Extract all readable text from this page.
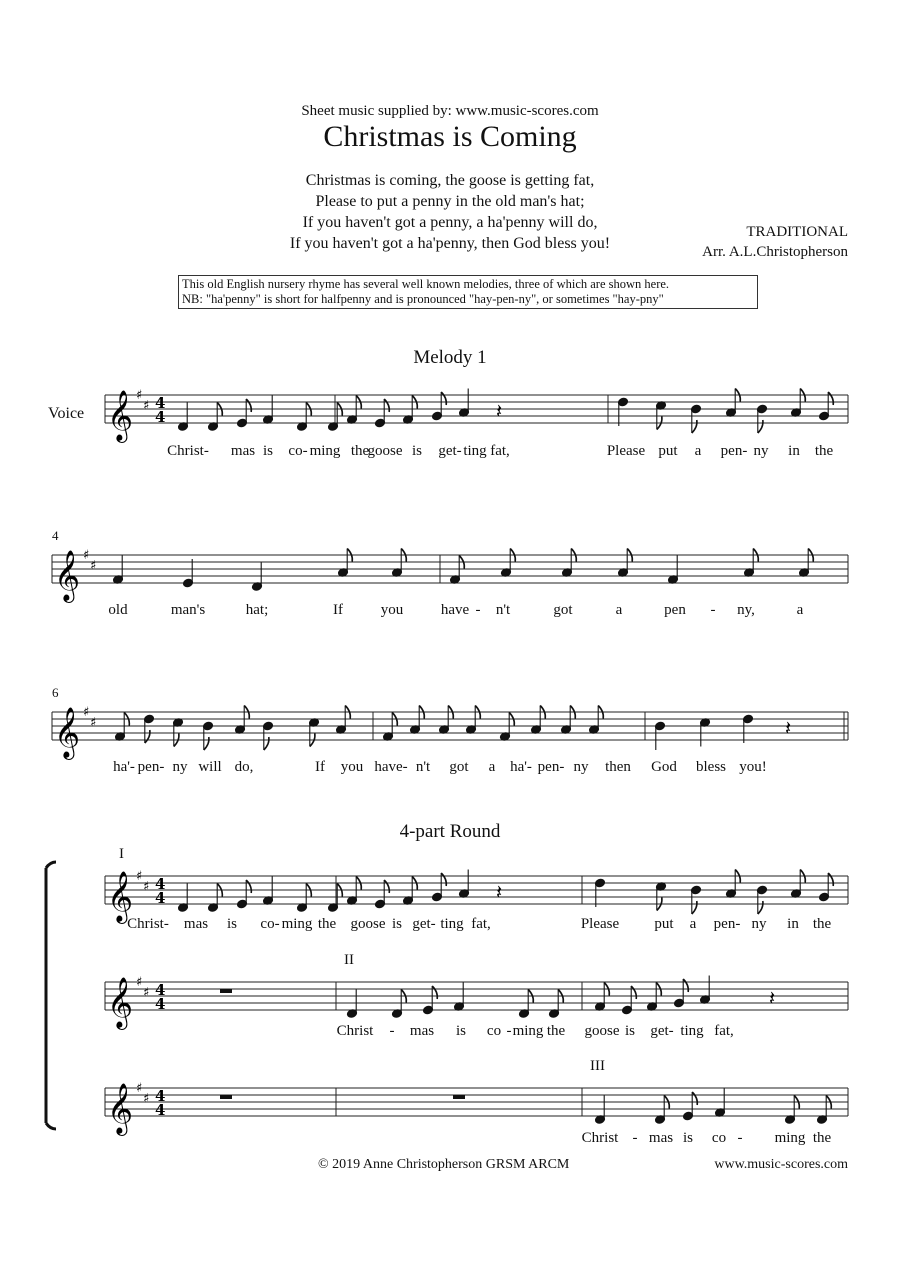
Sheet music supplied by: www.music-scores.com
Christmas is Coming
Christmas is coming, the goose is getting fat,
Please to put a penny in the old man's hat;
If you haven't got a penny, a ha'penny will do,
If you haven't got a ha'penny, then God bless you!
TRADITIONAL
Arr. A.L.Christopherson
This old English nursery rhyme has several well known melodies, three of which are shown here.
NB: "ha'penny" is short for halfpenny and is pronounced "hay-pen-ny", or sometimes "hay-pny"
Melody 1
Voice
4
6
4-part Round
I
II
III
𝄞 ♯
♯ 4
4	𝄽
𝄞 ♯
♯
𝄞 ♯
♯	𝄽
𝄞 ♯
♯ 4
4
𝄞 ♯
♯ 4
4
𝄞 ♯
♯ 4
4
𝄽
𝄽
Christ- mas is co- ming the
goose is get- ting fat,	Please put a pen- ny in the
old	man's	hat;	If	you	have - n't	got	a	pen - ny,	a
ha'- pen- ny will do,	If you have- n't got a ha'- pen- ny then God bless you!
Christ- mas is co- ming the goose is get- ting fat,	Please put a pen- ny in the
Christ - mas is co - ming the goose is get- ting fat,
Christ - mas is co - ming the
© 2019 Anne Christopherson GRSM ARCM	www.music-scores.com
